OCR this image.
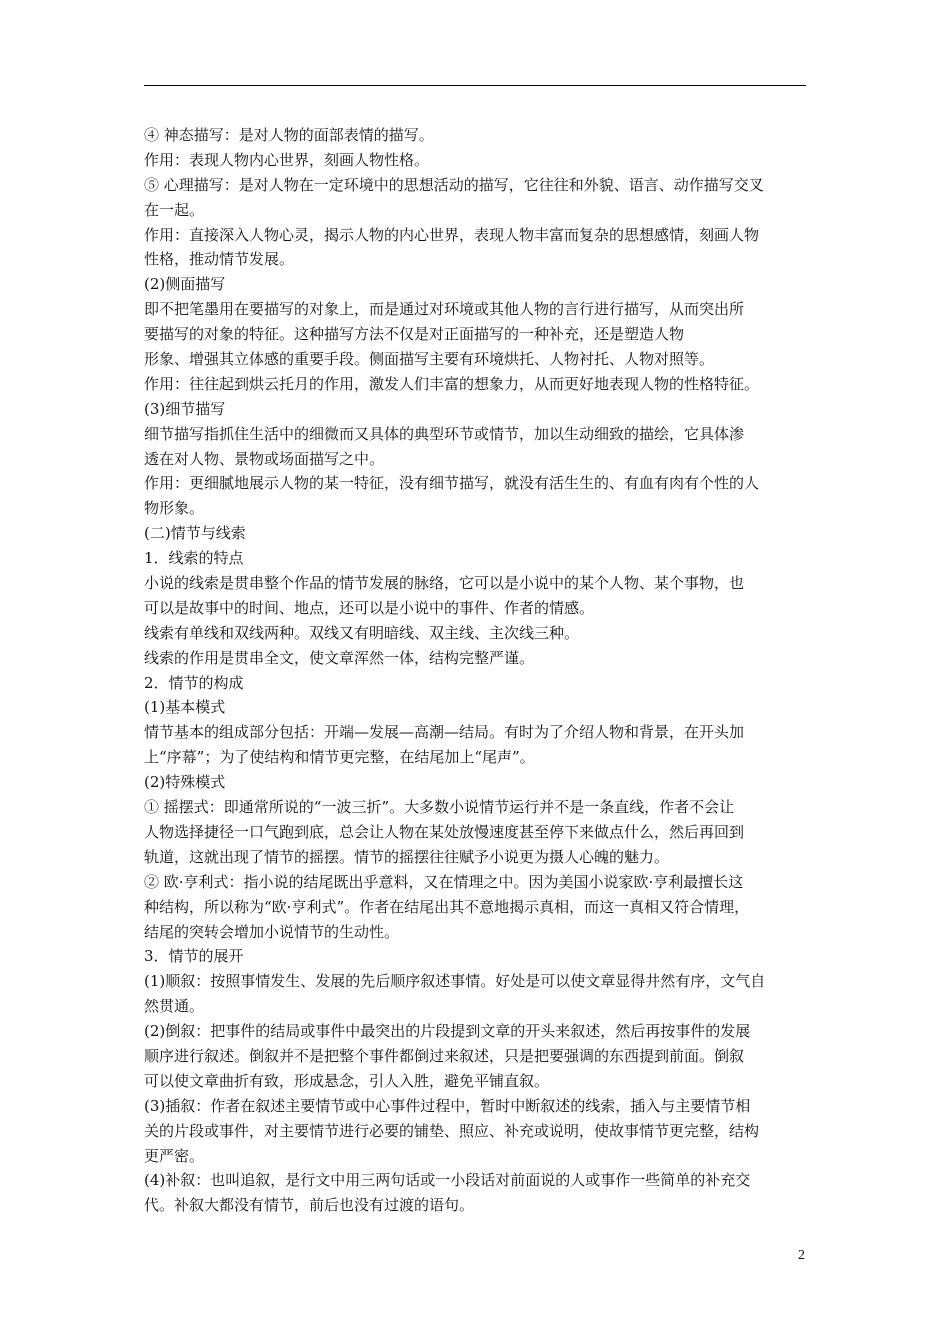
④ 神态描写：是对人物的面部表情的描写。
作用：表现人物内心世界，刻画人物性格。
⑤ 心理描写：是对人物在一定环境中的思想活动的描写，它往往和外貌、语言、动作描写交叉
在一起。
作用：直接深入人物心灵，揭示人物的内心世界，表现人物丰富而复杂的思想感情，刻画人物
性格，推动情节发展。
(2)侧面描写
即不把笔墨用在要描写的对象上，而是通过对环境或其他人物的言行进行描写，从而突出所
要描写的对象的特征。这种描写方法不仅是对正面描写的一种补充，还是塑造人物
形象、增强其立体感的重要手段。侧面描写主要有环境烘托、人物衬托、人物对照等。
作用：往往起到烘云托月的作用，激发人们丰富的想象力，从而更好地表现人物的性格特征。
(3)细节描写
细节描写指抓住生活中的细微而又具体的典型环节或情节，加以生动细致的描绘，它具体渗
透在对人物、景物或场面描写之中。
作用：更细腻地展示人物的某一特征，没有细节描写，就没有活生生的、有血有肉有个性的人
物形象。
(二)情节与线索
1．线索的特点
小说的线索是贯串整个作品的情节发展的脉络，它可以是小说中的某个人物、某个事物，也
可以是故事中的时间、地点，还可以是小说中的事件、作者的情感。
线索有单线和双线两种。双线又有明暗线、双主线、主次线三种。
线索的作用是贯串全文，使文章浑然一体，结构完整严谨。
2．情节的构成
(1)基本模式
情节基本的组成部分包括：开端—发展—高潮—结局。有时为了介绍人物和背景，在开头加
上“序幕”；为了使结构和情节更完整，在结尾加上“尾声”。
(2)特殊模式
① 摇摆式：即通常所说的“一波三折”。大多数小说情节运行并不是一条直线，作者不会让
人物选择捷径一口气跑到底，总会让人物在某处放慢速度甚至停下来做点什么，然后再回到
轨道，这就出现了情节的摇摆。情节的摇摆往往赋予小说更为摄人心魄的魅力。
② 欧·亨利式：指小说的结尾既出乎意料，又在情理之中。因为美国小说家欧·亨利最擅长这
种结构，所以称为“欧·亨利式”。作者在结尾出其不意地揭示真相，而这一真相又符合情理，
结尾的突转会增加小说情节的生动性。
3．情节的展开
(1)顺叙：按照事情发生、发展的先后顺序叙述事情。好处是可以使文章显得井然有序，文气自
然贯通。
(2)倒叙：把事件的结局或事件中最突出的片段提到文章的开头来叙述，然后再按事件的发展
顺序进行叙述。倒叙并不是把整个事件都倒过来叙述，只是把要强调的东西提到前面。倒叙
可以使文章曲折有致，形成悬念，引人入胜，避免平铺直叙。
(3)插叙：作者在叙述主要情节或中心事件过程中，暂时中断叙述的线索，插入与主要情节相
关的片段或事件，对主要情节进行必要的铺垫、照应、补充或说明，使故事情节更完整，结构
更严密。
(4)补叙：也叫追叙，是行文中用三两句话或一小段话对前面说的人或事作一些简单的补充交
代。补叙大都没有情节，前后也没有过渡的语句。
2
